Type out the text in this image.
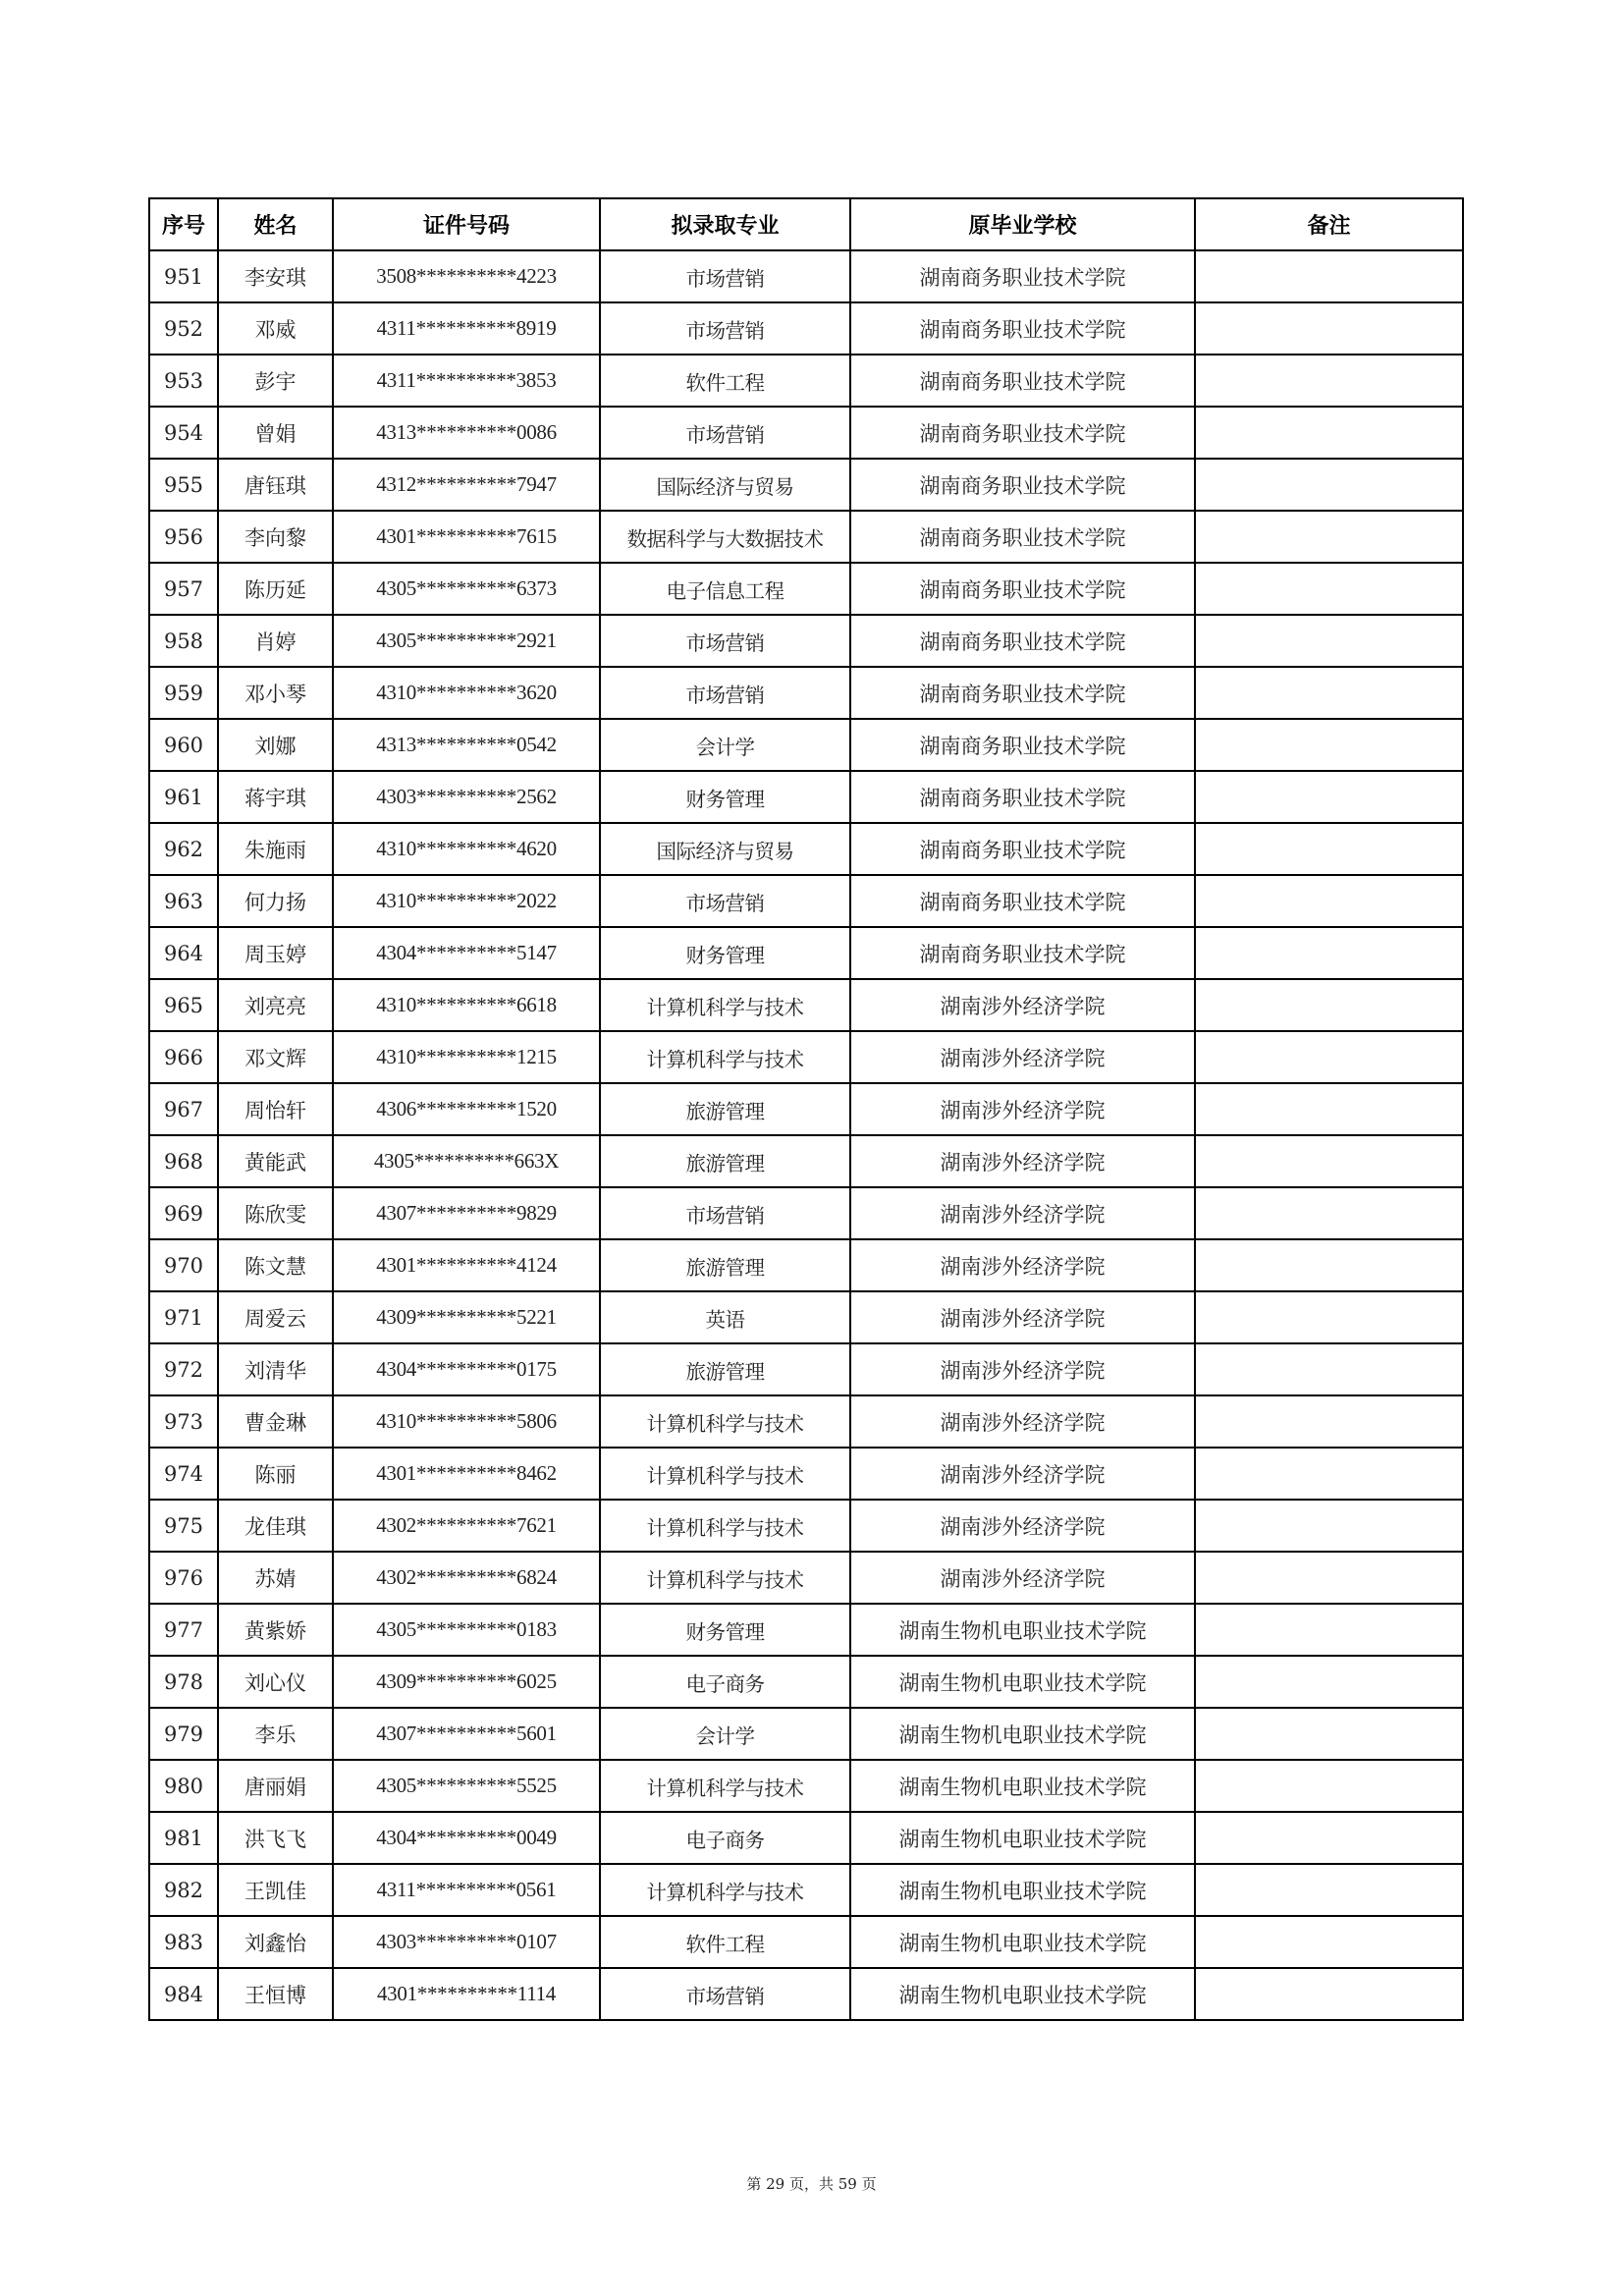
序号	姓名	证件号码	拟录取专业	原毕业学校	备注
951	李安琪	3508**********4223	市场营销	湖南商务职业技术学院	
952	邓威	4311**********8919	市场营销	湖南商务职业技术学院	
953	彭宇	4311**********3853	软件工程	湖南商务职业技术学院	
954	曾娟	4313**********0086	市场营销	湖南商务职业技术学院	
955	唐钰琪	4312**********7947	国际经济与贸易	湖南商务职业技术学院	
956	李向黎	4301**********7615	数据科学与大数据技术	湖南商务职业技术学院	
957	陈历延	4305**********6373	电子信息工程	湖南商务职业技术学院	
958	肖婷	4305**********2921	市场营销	湖南商务职业技术学院	
959	邓小琴	4310**********3620	市场营销	湖南商务职业技术学院	
960	刘娜	4313**********0542	会计学	湖南商务职业技术学院	
961	蒋宇琪	4303**********2562	财务管理	湖南商务职业技术学院	
962	朱施雨	4310**********4620	国际经济与贸易	湖南商务职业技术学院	
963	何力扬	4310**********2022	市场营销	湖南商务职业技术学院	
964	周玉婷	4304**********5147	财务管理	湖南商务职业技术学院	
965	刘亮亮	4310**********6618	计算机科学与技术	湖南涉外经济学院	
966	邓文辉	4310**********1215	计算机科学与技术	湖南涉外经济学院	
967	周怡轩	4306**********1520	旅游管理	湖南涉外经济学院	
968	黄能武	4305**********663X	旅游管理	湖南涉外经济学院	
969	陈欣雯	4307**********9829	市场营销	湖南涉外经济学院	
970	陈文慧	4301**********4124	旅游管理	湖南涉外经济学院	
971	周爱云	4309**********5221	英语	湖南涉外经济学院	
972	刘清华	4304**********0175	旅游管理	湖南涉外经济学院	
973	曹金琳	4310**********5806	计算机科学与技术	湖南涉外经济学院	
974	陈丽	4301**********8462	计算机科学与技术	湖南涉外经济学院	
975	龙佳琪	4302**********7621	计算机科学与技术	湖南涉外经济学院	
976	苏婧	4302**********6824	计算机科学与技术	湖南涉外经济学院	
977	黄紫娇	4305**********0183	财务管理	湖南生物机电职业技术学院	
978	刘心仪	4309**********6025	电子商务	湖南生物机电职业技术学院	
979	李乐	4307**********5601	会计学	湖南生物机电职业技术学院	
980	唐丽娟	4305**********5525	计算机科学与技术	湖南生物机电职业技术学院	
981	洪飞飞	4304**********0049	电子商务	湖南生物机电职业技术学院	
982	王凯佳	4311**********0561	计算机科学与技术	湖南生物机电职业技术学院	
983	刘鑫怡	4303**********0107	软件工程	湖南生物机电职业技术学院	
984	王恒博	4301**********1114	市场营销	湖南生物机电职业技术学院	
第 29 页，共 59 页
